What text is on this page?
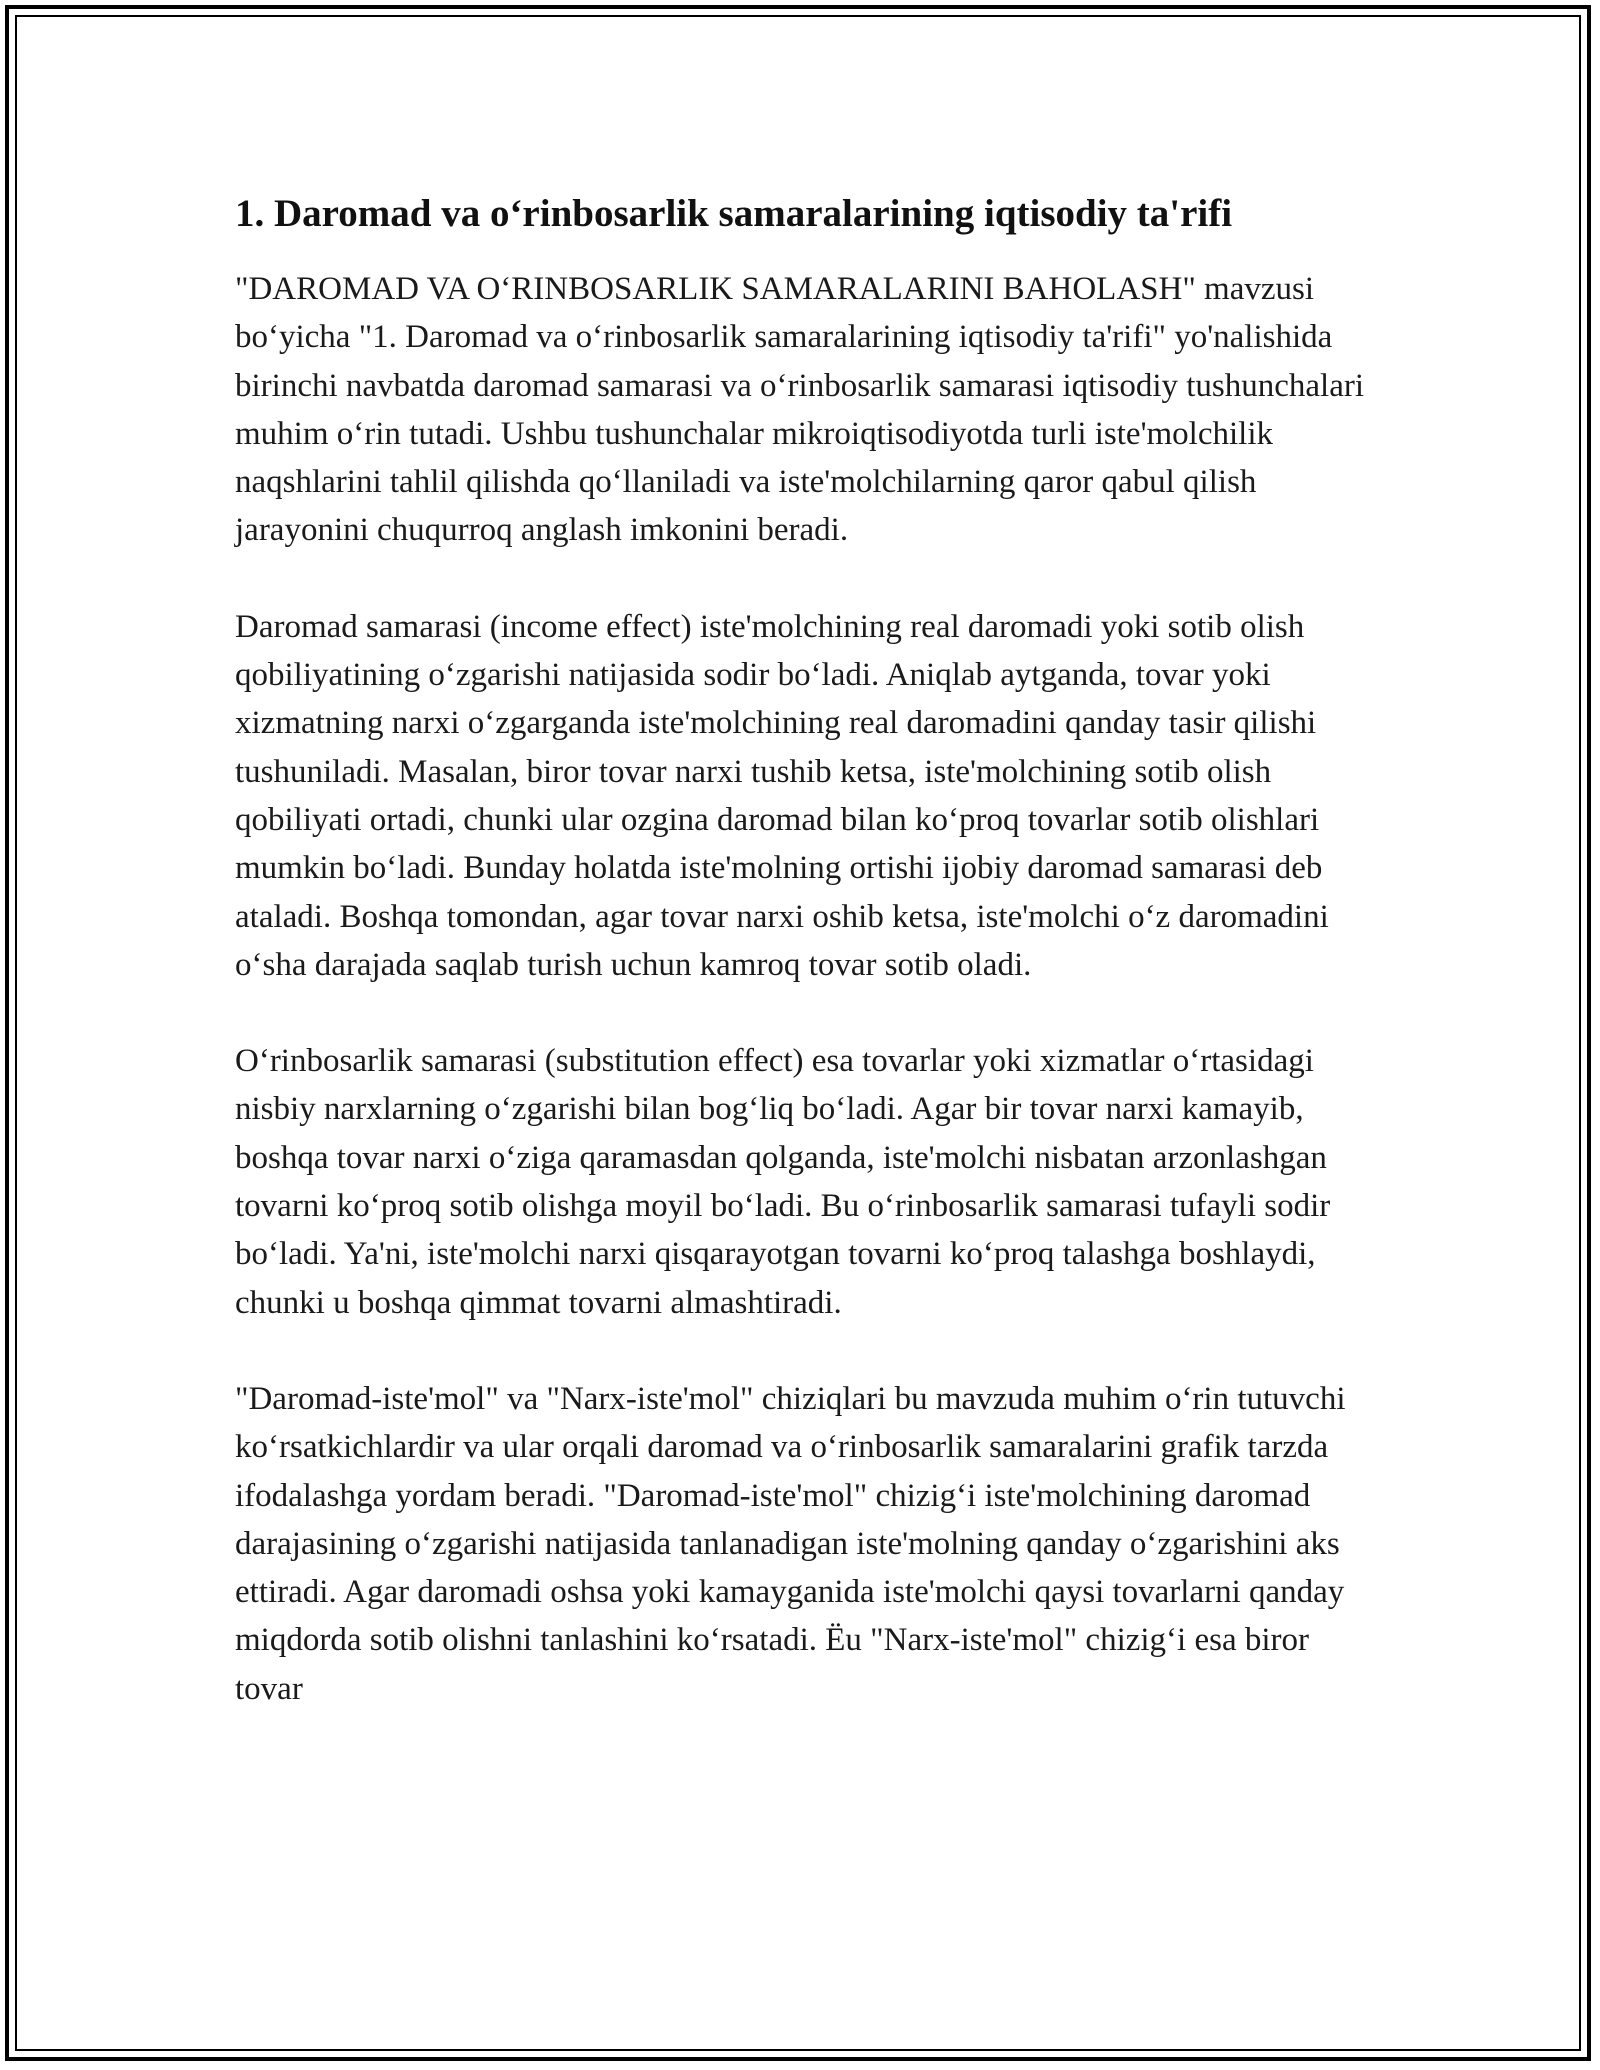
1. Daromad va o‘rinbosarlik samaralarining iqtisodiy ta'rifi

"DAROMAD VA O‘RINBOSARLIK SAMARALARINI BAHOLASH" mavzusi bo‘yicha "1. Daromad va o‘rinbosarlik samaralarining iqtisodiy ta'rifi" yo'nalishida birinchi navbatda daromad samarasi va o‘rinbosarlik samarasi iqtisodiy tushunchalari muhim o‘rin tutadi. Ushbu tushunchalar mikroiqtisodiyotda turli iste'molchilik naqshlarini tahlil qilishda qo‘llaniladi va iste'molchilarning qaror qabul qilish jarayonini chuqurroq anglash imkonini beradi.

Daromad samarasi (income effect) iste'molchining real daromadi yoki sotib olish qobiliyatining o‘zgarishi natijasida sodir bo‘ladi. Aniqlab aytganda, tovar yoki xizmatning narxi o‘zgarganda iste'molchining real daromadini qanday tasir qilishi tushuniladi. Masalan, biror tovar narxi tushib ketsa, iste'molchining sotib olish qobiliyati ortadi, chunki ular ozgina daromad bilan ko‘proq tovarlar sotib olishlari mumkin bo‘ladi. Bunday holatda iste'molning ortishi ijobiy daromad samarasi deb ataladi. Boshqa tomondan, agar tovar narxi oshib ketsa, iste'molchi o‘z daromadini o‘sha darajada saqlab turish uchun kamroq tovar sotib oladi.

O‘rinbosarlik samarasi (substitution effect) esa tovarlar yoki xizmatlar o‘rtasidagi nisbiy narxlarning o‘zgarishi bilan bog‘liq bo‘ladi. Agar bir tovar narxi kamayib, boshqa tovar narxi o‘ziga qaramasdan qolganda, iste'molchi nisbatan arzonlashgan tovarni ko‘proq sotib olishga moyil bo‘ladi. Bu o‘rinbosarlik samarasi tufayli sodir bo‘ladi. Ya'ni, iste'molchi narxi qisqarayotgan tovarni ko‘proq talashga boshlaydi, chunki u boshqa qimmat tovarni almashtiradi.

"Daromad-iste'mol" va "Narx-iste'mol" chiziqlari bu mavzuda muhim o‘rin tutuvchi ko‘rsatkichlardir va ular orqali daromad va o‘rinbosarlik samaralarini grafik tarzda ifodalashga yordam beradi. "Daromad-iste'mol" chizig‘i iste'molchining daromad darajasining o‘zgarishi natijasida tanlanadigan iste'molning qanday o‘zgarishini aks ettiradi. Agar daromadi oshsa yoki kamayganida iste'molchi qaysi tovarlarni qanday miqdorda sotib olishni tanlashini ko‘rsatadi. Ëu "Narx-iste'mol" chizig‘i esa biror tovar
